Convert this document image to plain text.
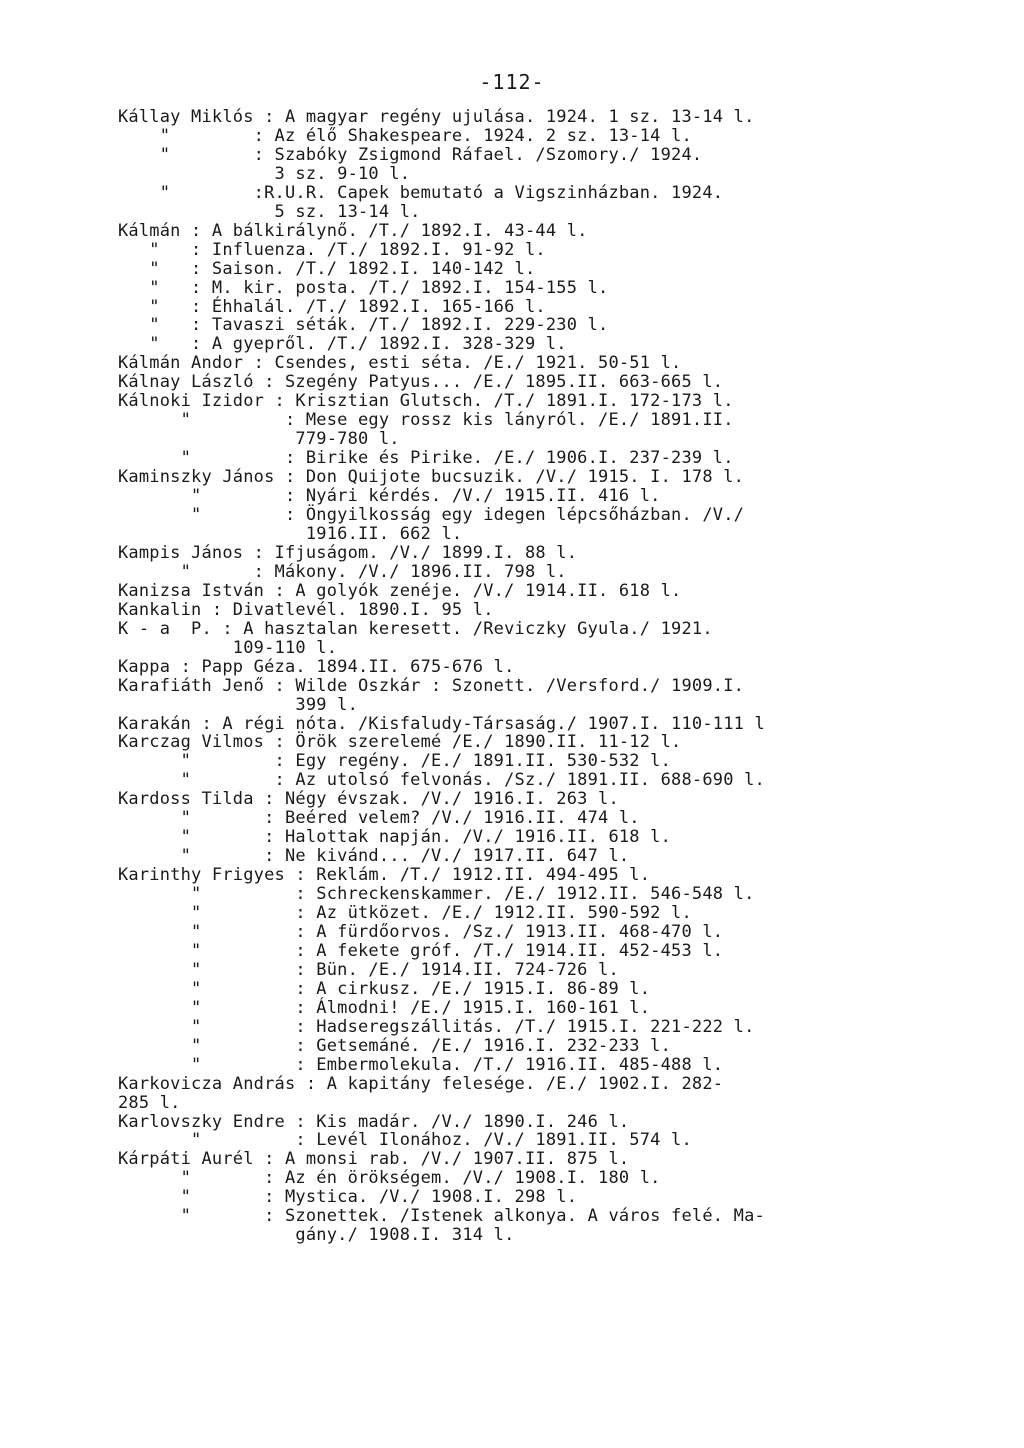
-112-
Kállay Miklós : A magyar regény ujulása. 1924. 1 sz. 13-14 l.
"        : Az élő Shakespeare. 1924. 2 sz. 13-14 l.
"        : Szabóky Zsigmond Ráfael. /Szomory./ 1924.
3 sz. 9-10 l.
"        :R.U.R. Capek bemutató a Vigszinházban. 1924.
5 sz. 13-14 l.
Kálmán : A bálkirálynő. /T./ 1892.I. 43-44 l.
"   : Influenza. /T./ 1892.I. 91-92 l.
"   : Saison. /T./ 1892.I. 140-142 l.
"   : M. kir. posta. /T./ 1892.I. 154-155 l.
"   : Éhhalál. /T./ 1892.I. 165-166 l.
"   : Tavaszi séták. /T./ 1892.I. 229-230 l.
"   : A gyepről. /T./ 1892.I. 328-329 l.
Kálmán Andor : Csendes, esti séta. /E./ 1921. 50-51 l.
Kálnay László : Szegény Patyus... /E./ 1895.II. 663-665 l.
Kálnoki Izidor : Krisztian Glutsch. /T./ 1891.I. 172-173 l.
"         : Mese egy rossz kis lányról. /E./ 1891.II.
779-780 l.
"         : Birike és Pirike. /E./ 1906.I. 237-239 l.
Kaminszky János : Don Quijote bucsuzik. /V./ 1915. I. 178 l.
"        : Nyári kérdés. /V./ 1915.II. 416 l.
"        : Öngyilkosság egy idegen lépcsőházban. /V./
1916.II. 662 l.
Kampis János : Ifjuságom. /V./ 1899.I. 88 l.
"      : Mákony. /V./ 1896.II. 798 l.
Kanizsa István : A golyók zenéje. /V./ 1914.II. 618 l.
Kankalin : Divatlevél. 1890.I. 95 l.
K - a  P. : A hasztalan keresett. /Reviczky Gyula./ 1921.
109-110 l.
Kappa : Papp Géza. 1894.II. 675-676 l.
Karafiáth Jenő : Wilde Oszkár : Szonett. /Versford./ 1909.I.
399 l.
Karakán : A régi nóta. /Kisfaludy-Társaság./ 1907.I. 110-111 l
Karczag Vilmos : Örök szerelemé /E./ 1890.II. 11-12 l.
"        : Egy regény. /E./ 1891.II. 530-532 l.
"        : Az utolsó felvonás. /Sz./ 1891.II. 688-690 l.
Kardoss Tilda : Négy évszak. /V./ 1916.I. 263 l.
"       : Beéred velem? /V./ 1916.II. 474 l.
"       : Halottak napján. /V./ 1916.II. 618 l.
"       : Ne kivánd... /V./ 1917.II. 647 l.
Karinthy Frigyes : Reklám. /T./ 1912.II. 494-495 l.
"         : Schreckenskammer. /E./ 1912.II. 546-548 l.
"         : Az ütközet. /E./ 1912.II. 590-592 l.
"         : A fürdőorvos. /Sz./ 1913.II. 468-470 l.
"         : A fekete gróf. /T./ 1914.II. 452-453 l.
"         : Bün. /E./ 1914.II. 724-726 l.
"         : A cirkusz. /E./ 1915.I. 86-89 l.
"         : Álmodni! /E./ 1915.I. 160-161 l.
"         : Hadseregszállitás. /T./ 1915.I. 221-222 l.
"         : Getsemáné. /E./ 1916.I. 232-233 l.
"         : Embermolekula. /T./ 1916.II. 485-488 l.
Karkovicza András : A kapitány felesége. /E./ 1902.I. 282-
285 l.
Karlovszky Endre : Kis madár. /V./ 1890.I. 246 l.
"         : Levél Ilonához. /V./ 1891.II. 574 l.
Kárpáti Aurél : A monsi rab. /V./ 1907.II. 875 l.
"       : Az én örökségem. /V./ 1908.I. 180 l.
"       : Mystica. /V./ 1908.I. 298 l.
"       : Szonettek. /Istenek alkonya. A város felé. Ma-
gány./ 1908.I. 314 l.
